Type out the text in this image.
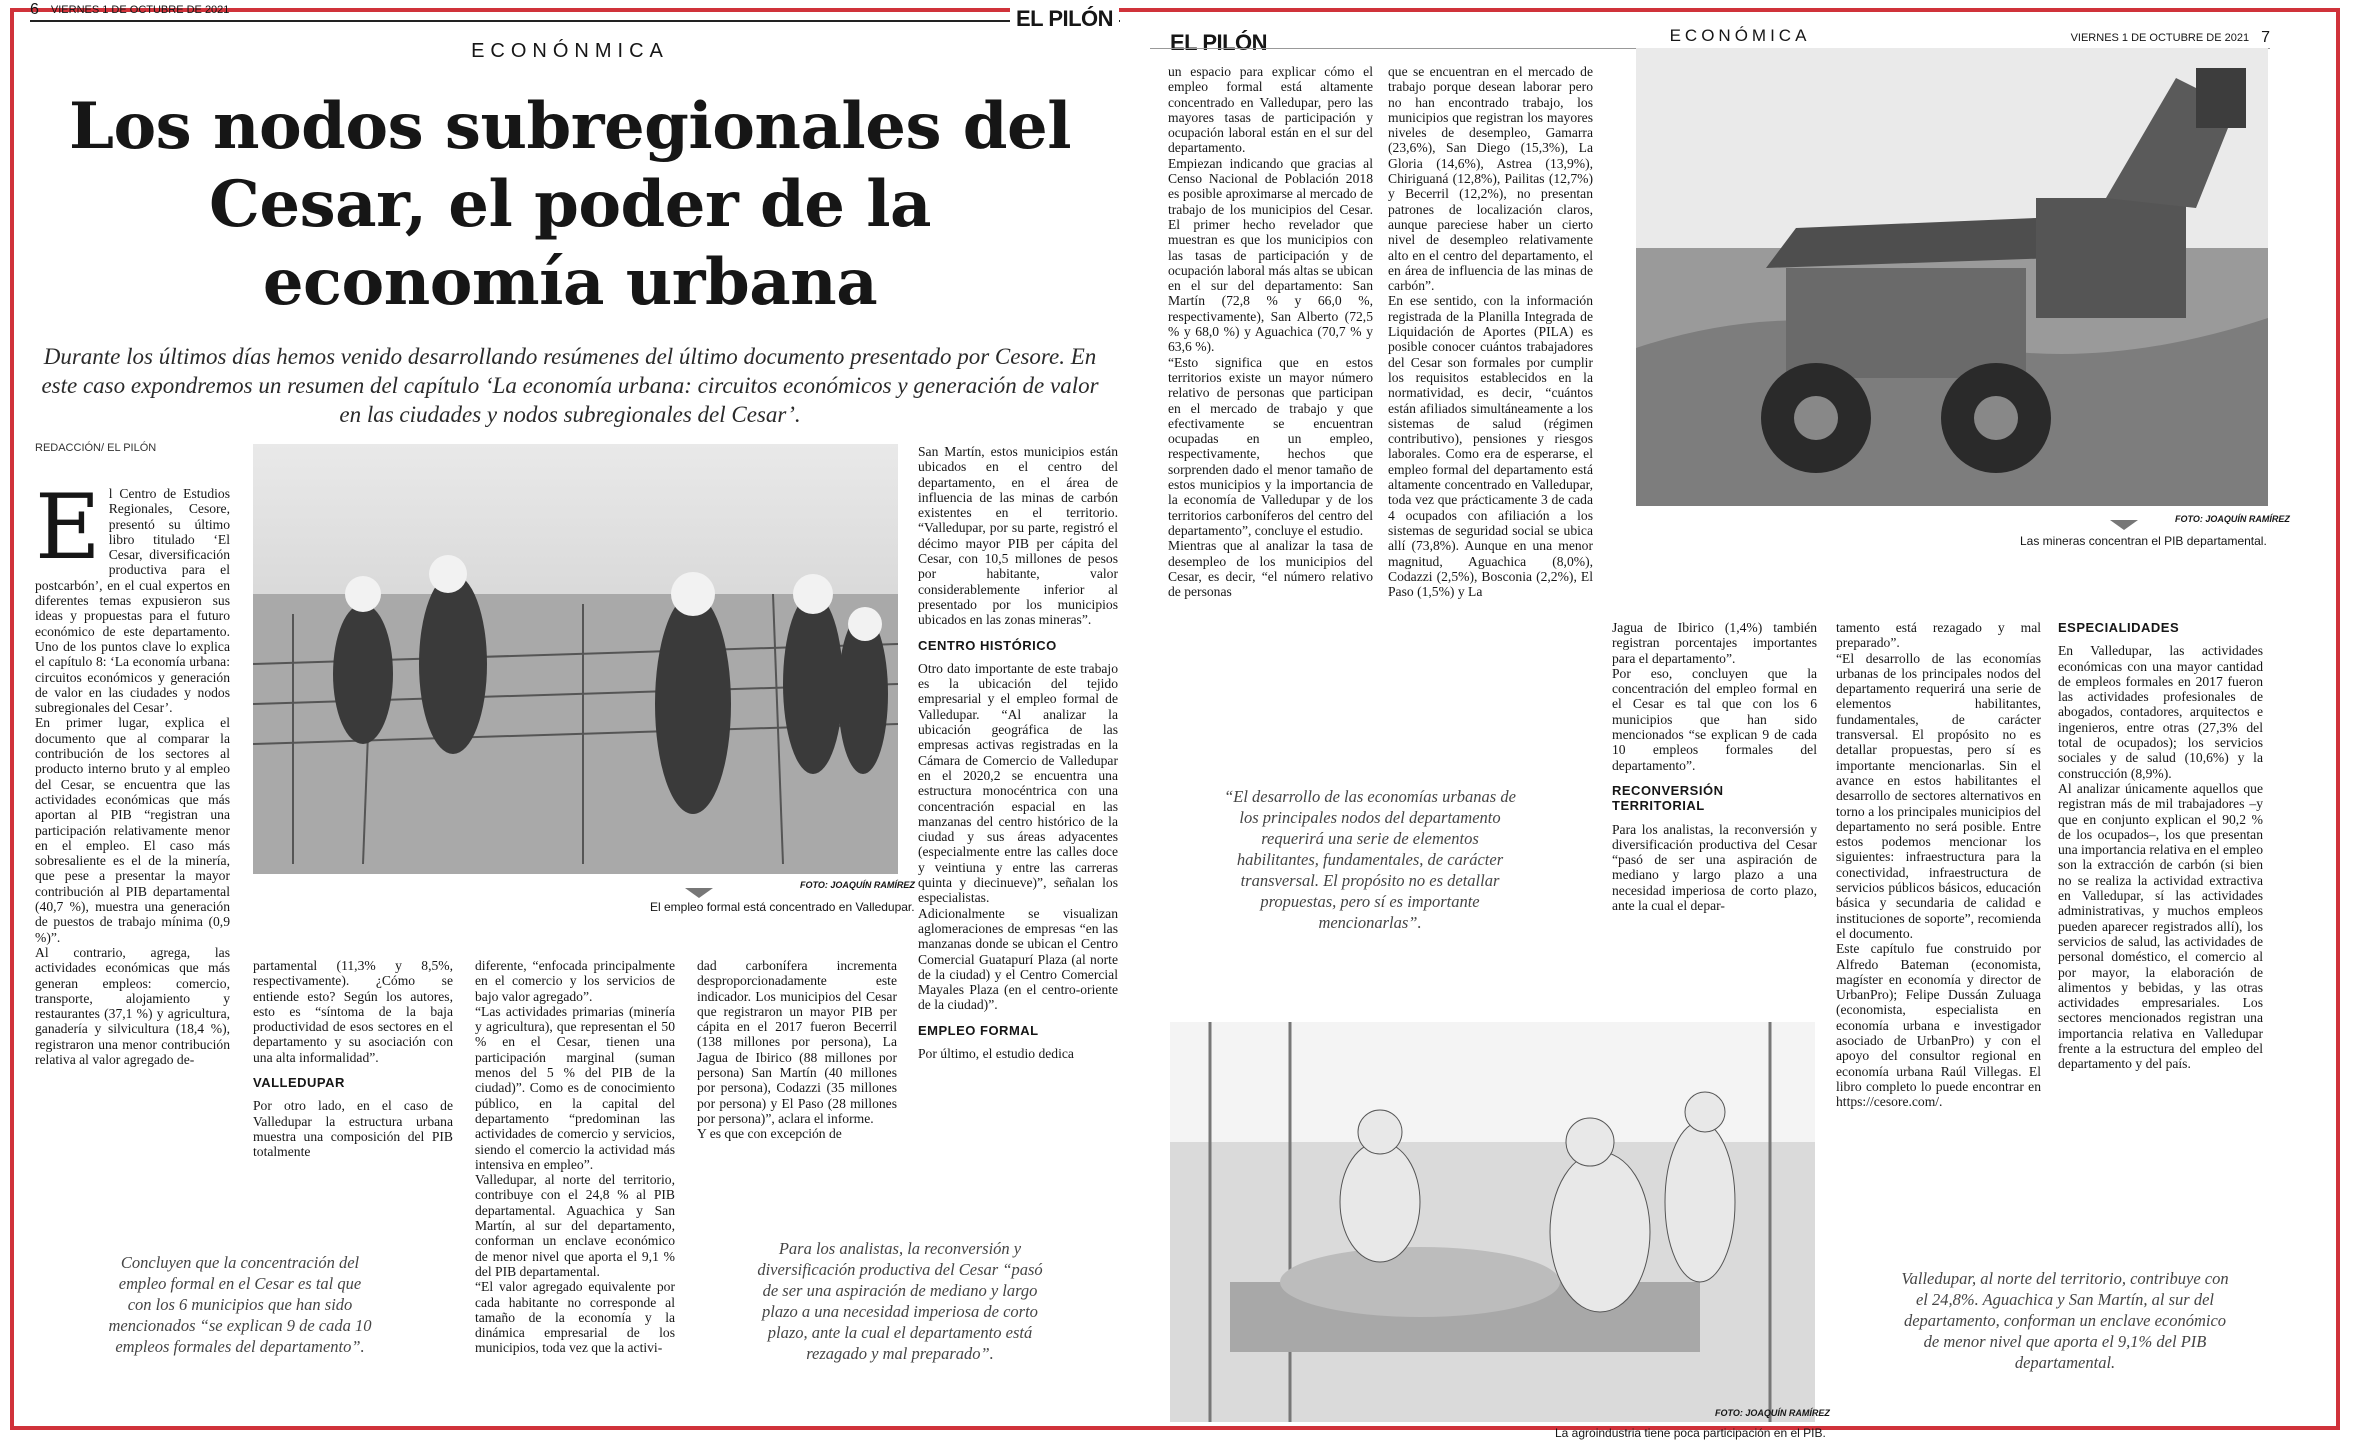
6 VIERNES 1 DE OCTUBRE DE 2021	EL PILÓN
ECONÓNMICA
Los nodos subregionales del Cesar, el poder de la economía urbana
Durante los últimos días hemos venido desarrollando resúmenes del último documento presentado por Cesore. En este caso expondremos un resumen del capítulo ‘La economía urbana: circuitos económicos y generación de valor en las ciudades y nodos subregionales del Cesar’.
REDACCIÓN/ EL PILÓN

El Centro de Estudios Regionales, Cesore, presentó su último libro titulado ‘El Cesar, diversificación productiva para el postcarbón’, en el cual expertos en diferentes temas expusieron sus ideas y propuestas para el futuro económico de este departamento. Uno de los puntos clave lo explica el capítulo 8: ‘La economía urbana: circuitos económicos y generación de valor en las ciudades y nodos subregionales del Cesar’.

En primer lugar, explica el documento que al comparar la contribución de los sectores al producto interno bruto y al empleo del Cesar, se encuentra que las actividades económicas que más aportan al PIB “registran una participación relativamente menor en el empleo. El caso más sobresaliente es el de la minería, que pese a presentar la mayor contribución al PIB departamental (40,7 %), muestra una generación de puestos de trabajo mínima (0,9 %)”.

Al contrario, agrega, las actividades económicas que más generan empleos: comercio, transporte, alojamiento y restaurantes (37,1 %) y agricultura, ganadería y silvicultura (18,4 %), registraron una menor contribución relativa al valor agregado de-

FOTO: JOAQUÍN RAMÍREZ
El empleo formal está concentrado en Valledupar.

partamental (11,3% y 8,5%, respectivamente). ¿Cómo se entiende esto? Según los autores, esto es “síntoma de la baja productividad de esos sectores en el departamento y su asociación con una alta informalidad”.

VALLEDUPAR

Por otro lado, en el caso de Valledupar la estructura urbana muestra una composición del PIB totalmente

diferente, “enfocada principalmente en el comercio y los servicios de bajo valor agregado”.

“Las actividades primarias (minería y agricultura), que representan el 50 % en el Cesar, tienen una participación marginal (suman menos del 5 % del PIB de la ciudad)”. Como es de conocimiento público, en la capital del departamento “predominan las actividades de comercio y servicios, siendo el comercio la actividad más intensiva en empleo”.

Valledupar, al norte del territorio, contribuye con el 24,8 % al PIB departamental. Aguachica y San Martín, al sur del departamento, conforman un enclave económico de menor nivel que aporta el 9,1 % del PIB departamental.

“El valor agregado equivalente por cada habitante no corresponde al tamaño de la economía y la dinámica empresarial de los municipios, toda vez que la activi-

dad carbonífera incrementa desproporcionadamente este indicador. Los municipios del Cesar que registraron un mayor PIB per cápita en el 2017 fueron Becerril (138 millones por persona), La Jagua de Ibirico (88 millones por persona) San Martín (40 millones por persona), Codazzi (35 millones por persona) y El Paso (28 millones por persona)”, aclara el informe.

Y es que con excepción de

San Martín, estos municipios están ubicados en el centro del departamento, en el área de influencia de las minas de carbón existentes en el territorio. “Valledupar, por su parte, registró el décimo mayor PIB per cápita del Cesar, con 10,5 millones de pesos por habitante, valor considerablemente inferior al presentado por los municipios ubicados en las zonas mineras”.

CENTRO HISTÓRICO

Otro dato importante de este trabajo es la ubicación del tejido empresarial y el empleo formal de Valledupar. “Al analizar la ubicación geográfica de las empresas activas registradas en la Cámara de Comercio de Valledupar en el 2020,2 se encuentra una estructura monocéntrica con una concentración espacial en las manzanas del centro histórico de la ciudad y sus áreas adyacentes (especialmente entre las calles doce y veintiuna y entre las carreras quinta y diecinueve)”, señalan los especialistas.

Adicionalmente se visualizan aglomeraciones de empresas “en las manzanas donde se ubican el Centro Comercial Guatapurí Plaza (al norte de la ciudad) y el Centro Comercial Mayales Plaza (en el centro-oriente de la ciudad)”.

EMPLEO FORMAL

Por último, el estudio dedica

Concluyen que la concentración del empleo formal en el Cesar es tal que con los 6 municipios que han sido mencionados “se explican 9 de cada 10 empleos formales del departamento”.
Para los analistas, la reconversión y diversificación productiva del Cesar “pasó de ser una aspiración de mediano y largo plazo a una necesidad imperiosa de corto plazo, ante la cual el departamento está rezagado y mal preparado”.
EL PILÓN	ECONÓMICA	VIERNES 1 DE OCTUBRE DE 2021 7

un espacio para explicar cómo el empleo formal está altamente concentrado en Valledupar, pero las mayores tasas de participación y ocupación laboral están en el sur del departamento.

Empiezan indicando que gracias al Censo Nacional de Población 2018 es posible aproximarse al mercado de trabajo de los municipios del Cesar. El primer hecho revelador que muestran es que los municipios con las tasas de participación y de ocupación laboral más altas se ubican en el sur del departamento: San Martín (72,8 % y 66,0 %, respectivamente), San Alberto (72,5 % y 68,0 %) y Aguachica (70,7 % y 63,6 %).

“Esto significa que en estos territorios existe un mayor número relativo de personas que participan en el mercado de trabajo y que efectivamente se encuentran ocupadas en un empleo, respectivamente, hechos que sorprenden dado el menor tamaño de estos municipios y la importancia de la economía de Valledupar y de los territorios carboníferos del centro del departamento”, concluye el estudio.

Mientras que al analizar la tasa de desempleo de los municipios del Cesar, es decir, “el número relativo de personas

que se encuentran en el mercado de trabajo porque desean laborar pero no han encontrado trabajo, los municipios que registran los mayores niveles de desempleo, Gamarra (23,6%), San Diego (15,3%), La Gloria (14,6%), Astrea (13,9%), Chiriguaná (12,8%), Pailitas (12,7%) y Becerril (12,2%), no presentan patrones de localización claros, aunque pareciese haber un cierto nivel de desempleo relativamente alto en el centro del departamento, el en área de influencia de las minas de carbón”.

En ese sentido, con la información registrada de la Planilla Integrada de Liquidación de Aportes (PILA) es posible conocer cuántos trabajadores del Cesar son formales por cumplir los requisitos establecidos en la normatividad, es decir, “cuántos están afiliados simultáneamente a los sistemas de salud (régimen contributivo), pensiones y riesgos laborales. Como era de esperarse, el empleo formal del departamento está altamente concentrado en Valledupar, toda vez que prácticamente 3 de cada 4 ocupados con afiliación a los sistemas de seguridad social se ubica allí (73,8%). Aunque en una menor magnitud, Aguachica (8,0%), Codazzi (2,5%), Bosconia (2,2%), El Paso (1,5%) y La

FOTO: JOAQUÍN RAMÍREZ
Las mineras concentran el PIB departamental.

Jagua de Ibirico (1,4%) también registran porcentajes importantes para el departamento”.

Por eso, concluyen que la concentración del empleo formal en el Cesar es tal que con los 6 municipios que han sido mencionados “se explican 9 de cada 10 empleos formales del departamento”.

RECONVERSIÓN TERRITORIAL

Para los analistas, la reconversión y diversificación productiva del Cesar “pasó de ser una aspiración de mediano y largo plazo a una necesidad imperiosa de corto plazo, ante la cual el depar-

tamento está rezagado y mal preparado”.

“El desarrollo de las economías urbanas de los principales nodos del departamento requerirá una serie de elementos habilitantes, fundamentales, de carácter transversal. El propósito no es detallar propuestas, pero sí es importante mencionarlas. Sin el avance en estos habilitantes el desarrollo de sectores alternativos en torno a los principales municipios del departamento no será posible. Entre estos podemos mencionar los siguientes: infraestructura para la conectividad, infraestructura de servicios públicos básicos, educación básica y secundaria de calidad e instituciones de soporte”, recomienda el documento.

Este capítulo fue construido por Alfredo Bateman (economista, magíster en economía y director de UrbanPro); Felipe Dussán Zuluaga (economista, especialista en economía urbana e investigador asociado de UrbanPro) y con el apoyo del consultor regional en economía urbana Raúl Villegas. El libro completo lo puede encontrar en https://cesore.com/.

ESPECIALIDADES

En Valledupar, las actividades económicas con una mayor cantidad de empleos formales en 2017 fueron las actividades profesionales de abogados, contadores, arquitectos e ingenieros, entre otras (27,3% del total de ocupados); los servicios sociales y de salud (10,6%) y la construcción (8,9%).

Al analizar únicamente aquellos que registran más de mil trabajadores –y que en conjunto explican el 90,2 % de los ocupados–, los que presentan una importancia relativa en el empleo son la extracción de carbón (si bien no se realiza la actividad extractiva en Valledupar, sí las actividades administrativas, y muchos empleos pueden aparecer registrados allí), los servicios de salud, las actividades de personal doméstico, el comercio al por mayor, la elaboración de alimentos y bebidas, y las otras actividades empresariales. Los sectores mencionados registran una importancia relativa en Valledupar frente a la estructura del empleo del departamento y del país.

“El desarrollo de las economías urbanas de los principales nodos del departamento requerirá una serie de elementos habilitantes, fundamentales, de carácter transversal. El propósito no es detallar propuestas, pero sí es importante mencionarlas”.
FOTO: JOAQUÍN RAMÍREZ
La agroindustria tiene poca participación en el PIB.
Valledupar, al norte del territorio, contribuye con el 24,8%. Aguachica y San Martín, al sur del departamento, conforman un enclave económico de menor nivel que aporta el 9,1% del PIB departamental.
